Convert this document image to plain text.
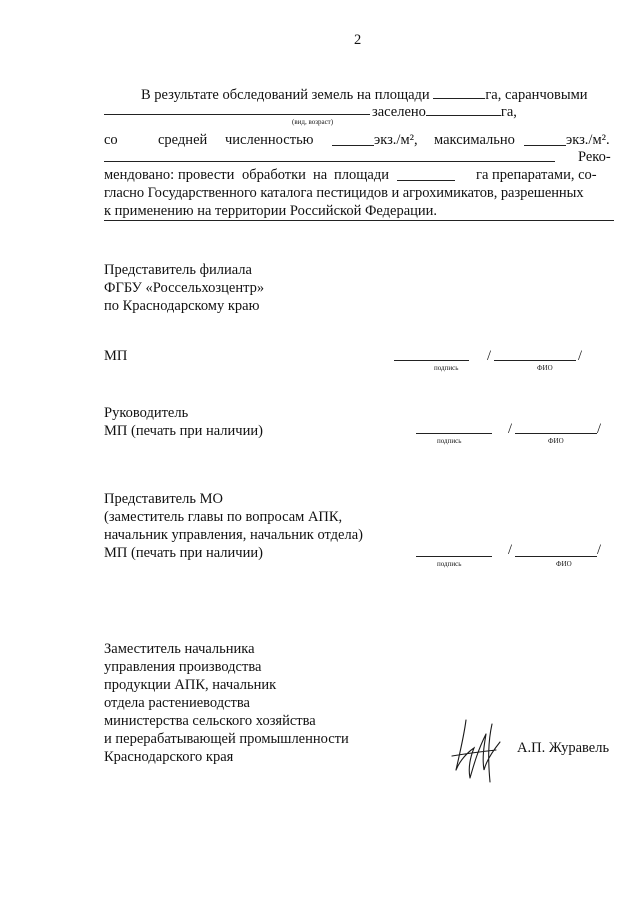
2
В результате обследований земель на площади	га, саранчовыми
заселено	га,
(вид, возраст)
со	средней численностью	экз./м², максимально	экз./м².
Реко-
мендовано: провести обработки на площади	га препаратами, со-
гласно Государственного каталога пестицидов и агрохимикатов, разрешенных
к применению на территории Российской Федерации.
Представитель филиала
ФГБУ «Россельхозцентр»
по Краснодарскому краю
МП	/	/
подпись	ФИО
Руководитель
МП (печать при наличии)	/	/
подпись	ФИО
Представитель МО
(заместитель главы по вопросам АПК,
начальник управления, начальник отдела)
МП (печать при наличии)	/	/
подпись	ФИО
Заместитель начальника
управления производства
продукции АПК, начальник
отдела растениеводства
министерства сельского хозяйства
и перерабатывающей промышленности
Краснодарского края
А.П. Журавель
